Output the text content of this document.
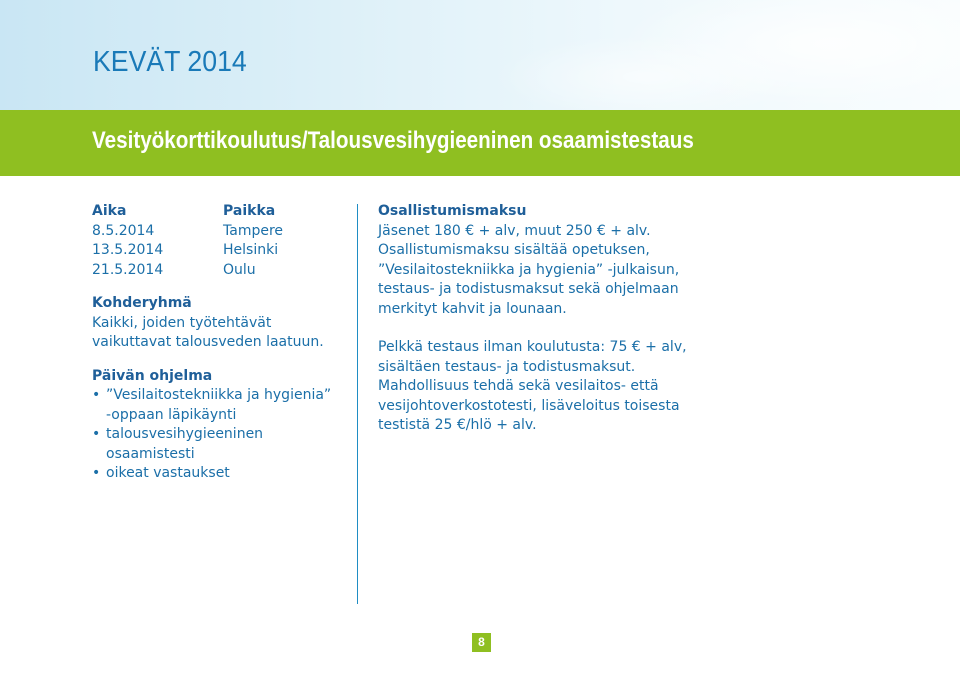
KEVÄT 2014
Vesityökorttikoulutus/Talousvesihygieeninen osaamistestaus
Aika	Paikka
8.5.2014	Tampere
13.5.2014	Helsinki
21.5.2014	Oulu
Kohderyhmä
Kaikki, joiden työtehtävät
vaikuttavat talousveden laatuun.
Päivän ohjelma
• ”Vesilaitostekniikka ja hygienia”
-oppaan läpikäynti
• talousvesihygieeninen
osaamistesti
• oikeat vastaukset

Osallistumismaksu
Jäsenet 180 € + alv, muut 250 € + alv.
Osallistumismaksu sisältää opetuksen,
”Vesilaitostekniikka ja hygienia” -julkaisun,
testaus- ja todistusmaksut sekä ohjelmaan
merkityt kahvit ja lounaan.

Pelkkä testaus ilman koulutusta: 75 € + alv,
sisältäen testaus- ja todistusmaksut.
Mahdollisuus tehdä sekä vesilaitos- että
vesijohtoverkostotesti, lisäveloitus toisesta
testistä 25 €/hlö + alv.

8
